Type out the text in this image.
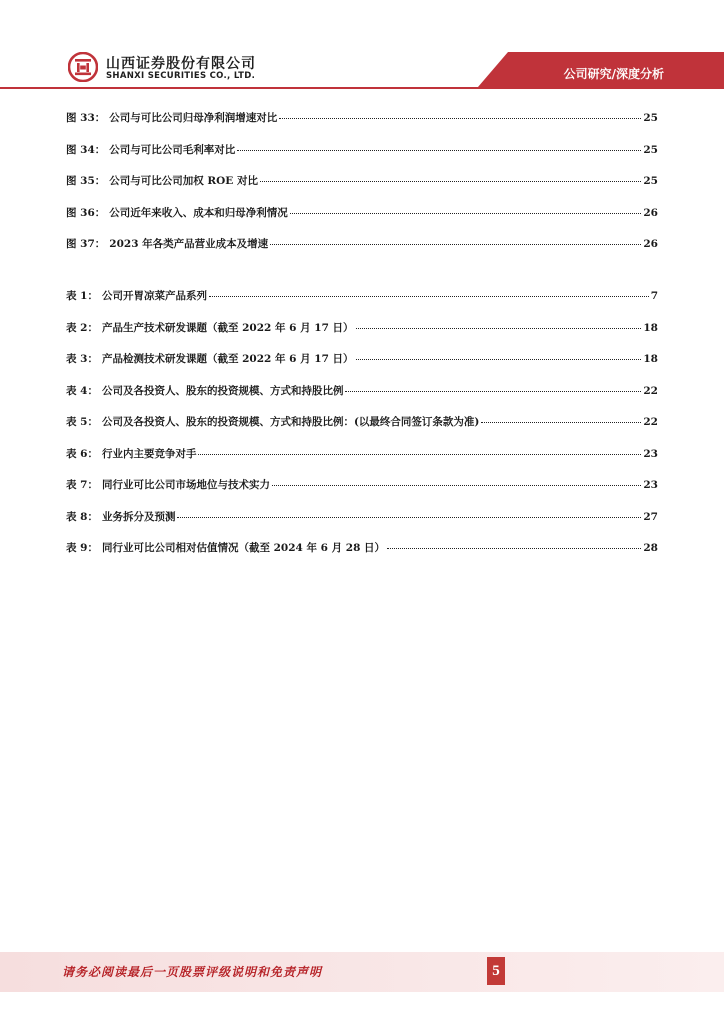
山西证券股份有限公司
SHANXI SECURITIES CO., LTD.	公司研究/深度分析
图 33： 公司与可比公司归母净利润增速对比	25
图 34： 公司与可比公司毛利率对比	25
图 35： 公司与可比公司加权 ROE 对比	25
图 36： 公司近年来收入、成本和归母净利情况	26
图 37： 2023 年各类产品营业成本及增速	26
表 1： 公司开胃凉菜产品系列	7
表 2： 产品生产技术研发课题（截至 2022 年 6 月 17 日）	18
表 3： 产品检测技术研发课题（截至 2022 年 6 月 17 日）	18
表 4： 公司及各投资人、股东的投资规模、方式和持股比例	22
表 5： 公司及各投资人、股东的投资规模、方式和持股比例：(以最终合同签订条款为准)	22
表 6： 行业内主要竞争对手	23
表 7： 同行业可比公司市场地位与技术实力	23
表 8： 业务拆分及预测	27
表 9： 同行业可比公司相对估值情况（截至 2024 年 6 月 28 日）	28
请务必阅读最后一页股票评级说明和免责声明	5
